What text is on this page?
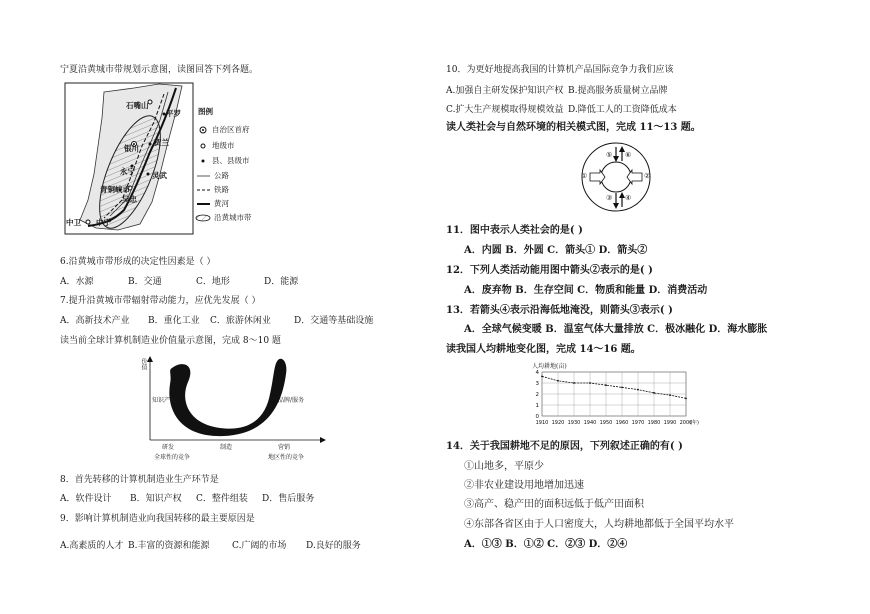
宁夏沿黄城市带规划示意图，读图回答下列各题。
石嘴山
平罗
银川
贺兰
永宁 灵武
青铜峡市
吴忠
中卫 中宁
图例
自治区首府
地级市
县、县级市
公路
铁路
黄河
沿黄城市带
6.沿黄城市带形成的决定性因素是（ ）
A．水源	B．交通	C．地形	D．能源
7.提升沿黄城市带辐射带动能力，应优先发展（ ）
A．高新技术产业 B．重化工业 C．旅游休闲业	D．交通等基础设施
读当前全球计算机制造业价值量示意图，完成 8～10 题
价值
知识产权	品牌/服务
研发	制造	营销
全球性的竞争	地区性的竞争
8．首先转移的计算机制造业生产环节是
A．软件设计 B．知识产权 C．整件组装 D．售后服务
9．影响计算机制造业向我国转移的最主要原因是
A.高素质的人才 B.丰富的资源和能源	C.广阔的市场 D.良好的服务
10．为更好地提高我国的计算机产品国际竞争力我们应该
A.加强自主研发保护知识产权 B.提高服务质量树立品牌
C.扩大生产规模取得规模效益 D.降低工人的工资降低成本
读人类社会与自然环境的相关模式图，完成 11～13 题。
⑤ ⑥
①	②
③ ④
11．图中表示人类社会的是( )
A．内圆 B．外圆 C．箭头① D．箭头②
12．下列人类活动能用图中箭头②表示的是( )
A．废弃物 B．生存空间 C．物质和能量 D．消费活动
13．若箭头④表示沿海低地淹没，则箭头③表示( )
A．全球气候变暖 B．温室气体大量排放 C．极冰融化 D．海水膨胀
读我国人均耕地变化图，完成 14～16 题。
人均耕地(亩)
0
1
2
3
4
1910 1920 1930 1940 1950 1960 1970 1980 1990 2000
(年)
14．关于我国耕地不足的原因，下列叙述正确的有( )
①山地多，平原少
②非农业建设用地增加迅速
③高产、稳产田的面积远低于低产田面积
④东部各省区由于人口密度大，人均耕地都低于全国平均水平
A．①③ B．①② C．②③ D．②④
